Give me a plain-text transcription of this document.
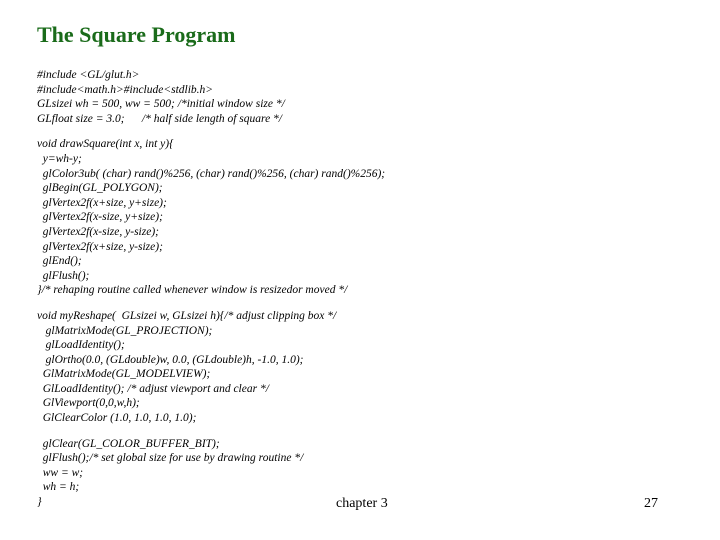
The Square Program
#include <GL/glut.h>
#include<math.h>#include<stdlib.h>
GLsizei wh = 500, ww = 500; /*initial window size */
GLfloat size = 3.0;      /* half side length of square */
void drawSquare(int x, int y){
y=wh-y;
glColor3ub( (char) rand()%256, (char) rand()%256, (char) rand()%256);
glBegin(GL_POLYGON);
glVertex2f(x+size, y+size);
glVertex2f(x-size, y+size);
glVertex2f(x-size, y-size);
glVertex2f(x+size, y-size);
glEnd();
glFlush();
}/* rehaping routine called whenever window is resizedor moved */
void myReshape(  GLsizei w, GLsizei h){/* adjust clipping box */
glMatrixMode(GL_PROJECTION);
glLoadIdentity();
glOrtho(0.0, (GLdouble)w, 0.0, (GLdouble)h, -1.0, 1.0);
GlMatrixMode(GL_MODELVIEW);
GlLoadIdentity(); /* adjust viewport and clear */
GlViewport(0,0,w,h);
GlClearColor (1.0, 1.0, 1.0, 1.0);
glClear(GL_COLOR_BUFFER_BIT);
glFlush();/* set global size for use by drawing routine */
ww = w;
wh = h;
}	chapter 3	27
